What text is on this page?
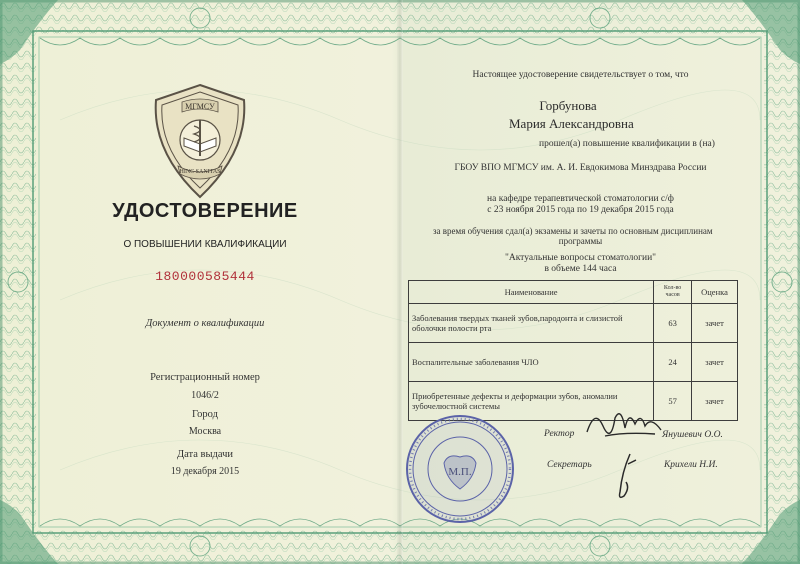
МГМСУ
HINC SANITAS
УДОСТОВЕРЕНИЕ
О ПОВЫШЕНИИ КВАЛИФИКАЦИИ
180000585444
Документ о квалификации
Регистрационный номер
1046/2
Город
Москва
Дата выдачи
19 декабря 2015
Настоящее удостоверение свидетельствует о том, что
Горбунова
Мария Александровна
прошел(а) повышение квалификации в (на)
ГБОУ ВПО МГМСУ им. А. И. Евдокимова Минздрава России
на кафедре терапевтической стоматологии с/ф
с 23 ноября 2015 года по 19 декабря 2015 года
за время обучения сдал(а) экзамены и зачеты по основным дисциплинам
программы
"Актуальные вопросы стоматологии"
в объеме 144 часа
Наименование	Кол-во часов	Оценка
Заболевания твердых тканей зубов,пародонта и слизистой оболочки полости рта	63	зачет
Воспалительные заболевания ЧЛО	24	зачет
Приобретенные дефекты и деформации зубов, аномалии зубочелюстной системы	57	зачет
М.П.
Ректор	Янушевич О.О.
Секретарь	Крихели Н.И.
